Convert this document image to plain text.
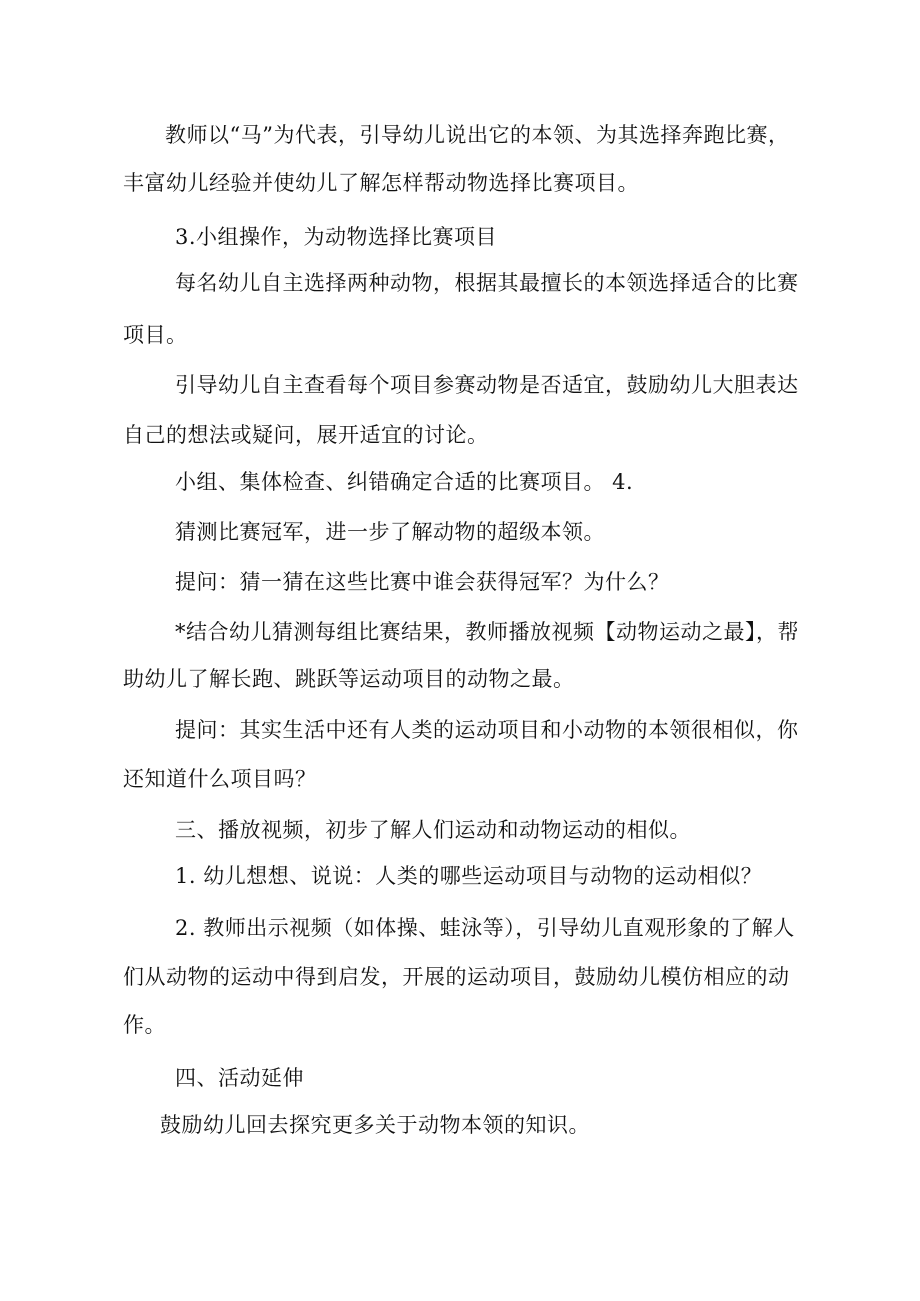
教师以“马”为代表，引导幼儿说出它的本领、为其选择奔跑比赛，
丰富幼儿经验并使幼儿了解怎样帮动物选择比赛项目。
3.小组操作，为动物选择比赛项目
每名幼儿自主选择两种动物，根据其最擅长的本领选择适合的比赛
项目。
引导幼儿自主查看每个项目参赛动物是否适宜，鼓励幼儿大胆表达
自己的想法或疑问，展开适宜的讨论。
小组、集体检查、纠错确定合适的比赛项目。 4.
猜测比赛冠军，进一步了解动物的超级本领。
提问：猜一猜在这些比赛中谁会获得冠军？为什么？
*结合幼儿猜测每组比赛结果，教师播放视频【动物运动之最】，帮
助幼儿了解长跑、跳跃等运动项目的动物之最。
提问：其实生活中还有人类的运动项目和小动物的本领很相似，你
还知道什么项目吗？
三、播放视频，初步了解人们运动和动物运动的相似。
1. 幼儿想想、说说：人类的哪些运动项目与动物的运动相似？
2. 教师出示视频（如体操、蛙泳等），引导幼儿直观形象的了解人
们从动物的运动中得到启发，开展的运动项目，鼓励幼儿模仿相应的动
作。
四、活动延伸
鼓励幼儿回去探究更多关于动物本领的知识。
